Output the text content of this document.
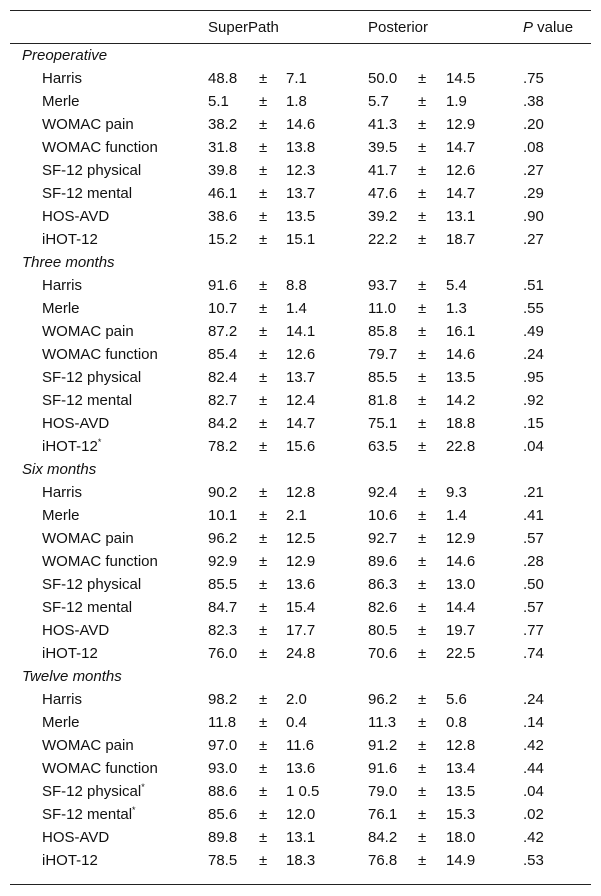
SuperPath	Posterior	P value
Preoperative
Harris	48.8 ± 7.1	50.0 ± 14.5	.75
Merle	5.1 ± 1.8	5.7 ± 1.9	.38
WOMAC pain	38.2 ± 14.6	41.3 ± 12.9	.20
WOMAC function	31.8 ± 13.8	39.5 ± 14.7	.08
SF-12 physical	39.8 ± 12.3	41.7 ± 12.6	.27
SF-12 mental	46.1 ± 13.7	47.6 ± 14.7	.29
HOS-AVD	38.6 ± 13.5	39.2 ± 13.1	.90
iHOT-12	15.2 ± 15.1	22.2 ± 18.7	.27
Three months
Harris	91.6 ± 8.8	93.7 ± 5.4	.51
Merle	10.7 ± 1.4	11.0 ± 1.3	.55
WOMAC pain	87.2 ± 14.1	85.8 ± 16.1	.49
WOMAC function	85.4 ± 12.6	79.7 ± 14.6	.24
SF-12 physical	82.4 ± 13.7	85.5 ± 13.5	.95
SF-12 mental	82.7 ± 12.4	81.8 ± 14.2	.92
HOS-AVD	84.2 ± 14.7	75.1 ± 18.8	.15
iHOT-12*	78.2 ± 15.6	63.5 ± 22.8	.04
Six months
Harris	90.2 ± 12.8	92.4 ± 9.3	.21
Merle	10.1 ± 2.1	10.6 ± 1.4	.41
WOMAC pain	96.2 ± 12.5	92.7 ± 12.9	.57
WOMAC function	92.9 ± 12.9	89.6 ± 14.6	.28
SF-12 physical	85.5 ± 13.6	86.3 ± 13.0	.50
SF-12 mental	84.7 ± 15.4	82.6 ± 14.4	.57
HOS-AVD	82.3 ± 17.7	80.5 ± 19.7	.77
iHOT-12	76.0 ± 24.8	70.6 ± 22.5	.74
Twelve months
Harris	98.2 ± 2.0	96.2 ± 5.6	.24
Merle	11.8 ± 0.4	11.3 ± 0.8	.14
WOMAC pain	97.0 ± 11.6	91.2 ± 12.8	.42
WOMAC function	93.0 ± 13.6	91.6 ± 13.4	.44
SF-12 physical*	88.6 ± 1 0.5	79.0 ± 13.5	.04
SF-12 mental*	85.6 ± 12.0	76.1 ± 15.3	.02
HOS-AVD	89.8 ± 13.1	84.2 ± 18.0	.42
iHOT-12	78.5 ± 18.3	76.8 ± 14.9	.53
